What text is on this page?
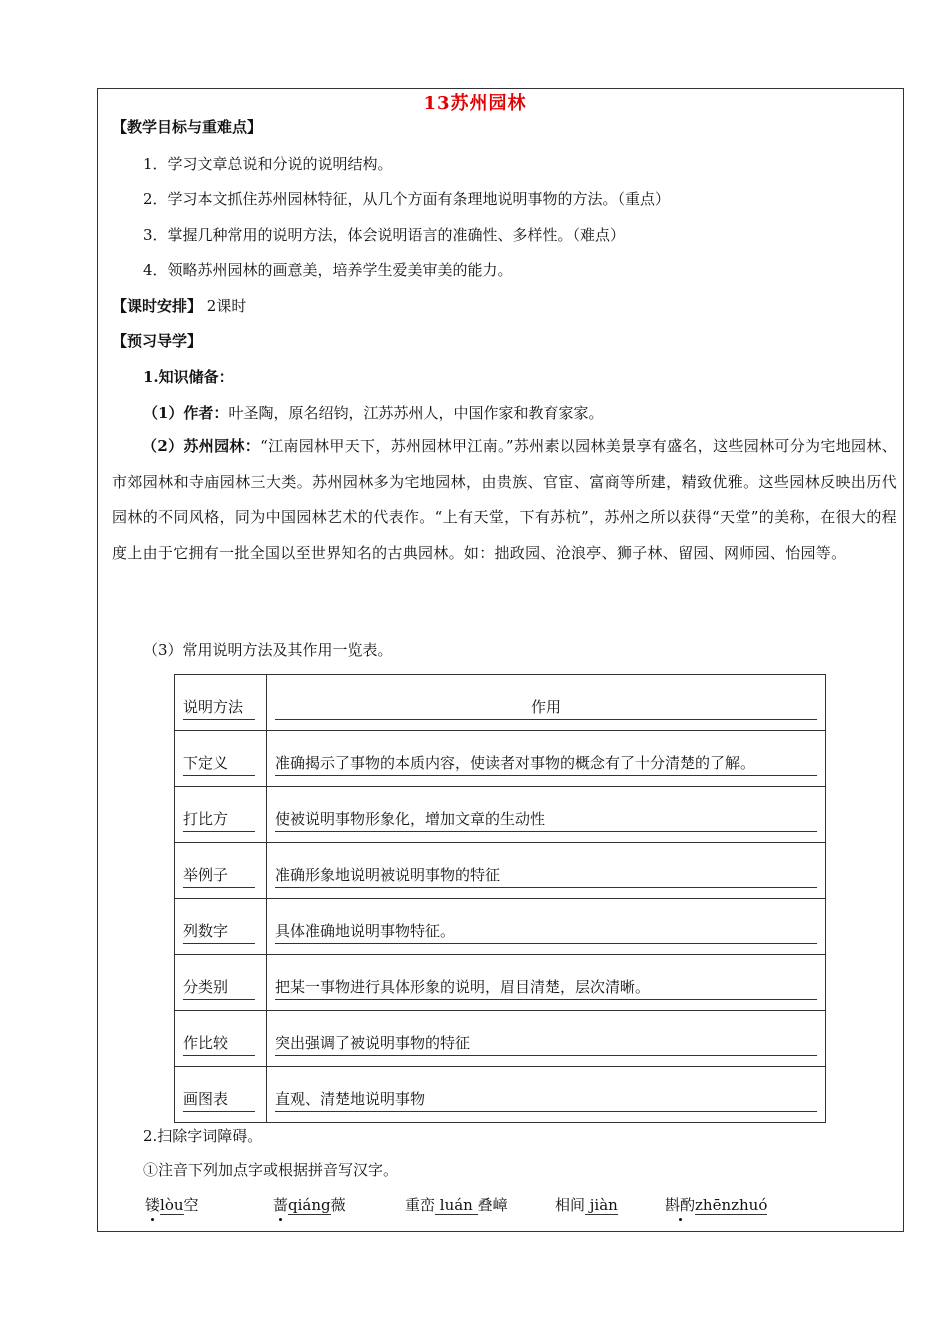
13苏州园林
【教学目标与重难点】
1．学习文章总说和分说的说明结构。
2．学习本文抓住苏州园林特征，从几个方面有条理地说明事物的方法。（重点）
3．掌握几种常用的说明方法，体会说明语言的准确性、多样性。（难点）
4．领略苏州园林的画意美，培养学生爱美审美的能力。
【课时安排】 2课时
【预习导学】
1.知识储备：
（1）作者：叶圣陶，原名绍钧，江苏苏州人，中国作家和教育家家。
（2）苏州园林：“江南园林甲天下，苏州园林甲江南。”苏州素以园林美景享有盛名，这些园林可分为宅地园林、市郊园林和寺庙园林三大类。苏州园林多为宅地园林，由贵族、官宦、富商等所建，精致优雅。这些园林反映出历代园林的不同风格，同为中国园林艺术的代表作。“上有天堂，下有苏杭”，苏州之所以获得“天堂”的美称，在很大的程度上由于它拥有一批全国以至世界知名的古典园林。如：拙政园、沧浪亭、狮子林、留园、网师园、怡园等。
（3）常用说明方法及其作用一览表。
说明方法	作用

下定义	准确揭示了事物的本质内容，使读者对事物的概念有了十分清楚的了解。

打比方	使被说明事物形象化，增加文章的生动性

举例子	准确形象地说明被说明事物的特征

列数字	具体准确地说明事物特征。

分类别	把某一事物进行具体形象的说明，眉目清楚，层次清晰。

作比较	突出强调了被说明事物的特征

画图表	直观、清楚地说明事物
2.扫除字词障碍。
①注音下列加点字或根据拼音写汉字。
镂lòu空	蔷qiáng薇	重峦 luán 叠嶂	相间 jiàn	斟酌zhēnzhuó
